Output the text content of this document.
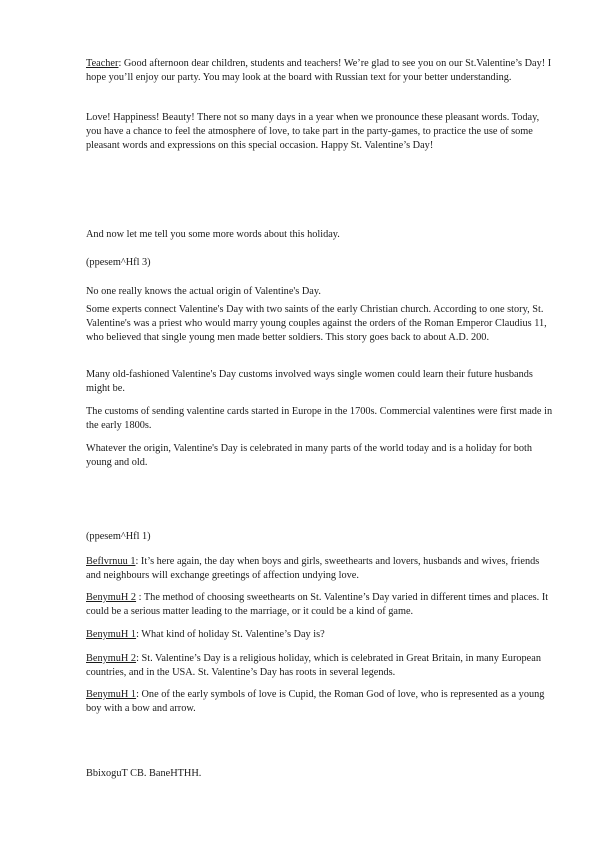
Teacher: Good afternoon dear children, students and teachers! We’re glad to see you on our St.Valentine’s Day! I hope you’ll enjoy our party. You may look at the board with Russian text for your better understanding.

Love! Happiness! Beauty! There not so many days in a year when we pronounce these pleasant words. Today, you have a chance to feel the atmosphere of love, to take part in the party-games, to practice the use of some pleasant words and expressions on this special occasion. Happy St. Valentine’s Day!

And now let me tell you some more words about this holiday.

(ppesem^Hfl 3)

No one really knows the actual origin of Valentine's Day.

Some experts connect Valentine's Day with two saints of the early Christian church. According to one story, St. Valentine's was a priest who would marry young couples against the orders of the Roman Emperor Claudius 11, who believed that single young men made better soldiers. This story goes back to about A.D. 200.

Many old-fashioned Valentine's Day customs involved ways single women could learn their future husbands might be.

The customs of sending valentine cards started in Europe in the 1700s. Commercial valentines were first made in the early 1800s.

Whatever the origin, Valentine's Day is celebrated in many parts of the world today and is a holiday for both young and old.

(ppesem^Hfl 1)

Beflvrnuu 1: It’s here again, the day when boys and girls, sweethearts and lovers, husbands and wives, friends and neighbours will exchange greetings of affection undying love.

BenymuH 2 : The method of choosing sweethearts on St. Valentine’s Day varied in different times and places. It could be a serious matter leading to the marriage, or it could be a kind of game.

BenymuH 1: What kind of holiday St. Valentine’s Day is?

BenymuH 2: St. Valentine’s Day is a religious holiday, which is celebrated in Great Britain, in many European countries, and in the USA. St. Valentine’s Day has roots in several legends.

BenymuH 1: One of the early symbols of love is Cupid, the Roman God of love, who is represented as a young boy with a bow and arrow.

BbixoguT CB. BaneHTHH.
